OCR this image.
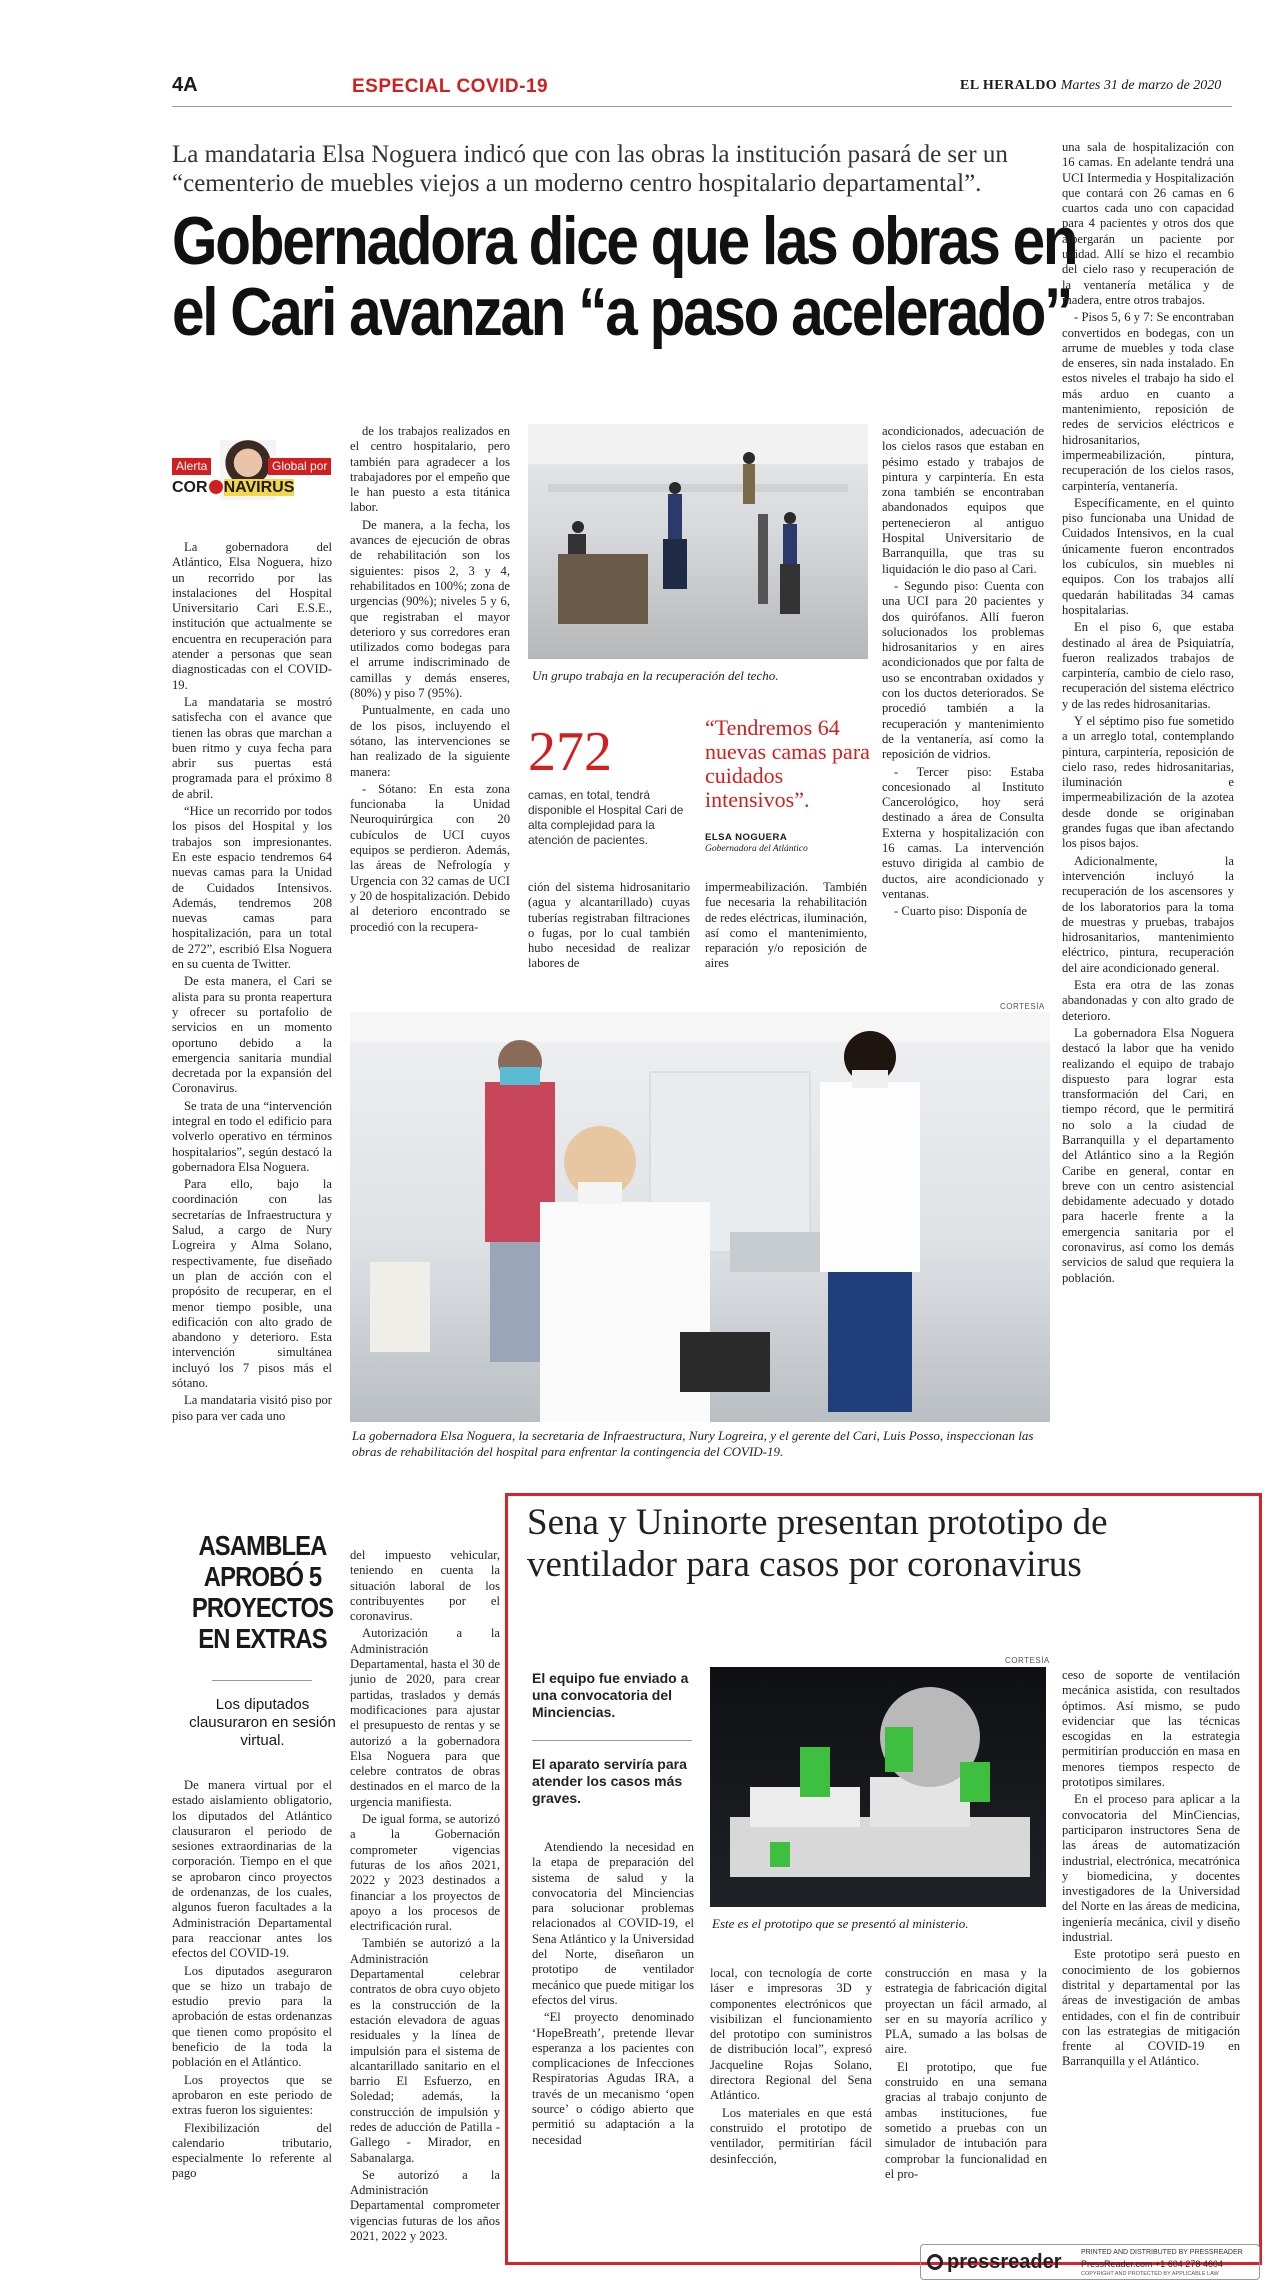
4A	ESPECIAL COVID-19	EL HERALDO Martes 31 de marzo de 2020
La mandataria Elsa Noguera indicó que con las obras la institución pasará de ser un “cementerio de muebles viejos a un moderno centro hospitalario departamental”.
Gobernadora dice que las obras en
el Cari avanzan “a paso acelerado”
Alerta	Global por
COR NAVIRUS

La gobernadora del Atlántico, Elsa Noguera, hizo un recorrido por las instalaciones del Hospital Universitario Cari E.S.E., institución que actualmente se encuentra en recuperación para atender a personas que sean diagnosticadas con el COVID-19.

La mandataria se mostró satisfecha con el avance que tienen las obras que marchan a buen ritmo y cuya fecha para abrir sus puertas está programada para el próximo 8 de abril.

“Hice un recorrido por todos los pisos del Hospital y los trabajos son impresionantes. En este espacio tendremos 64 nuevas camas para la Unidad de Cuidados Intensivos. Además, tendremos 208 nuevas camas para hospitalización, para un total de 272”, escribió Elsa Noguera en su cuenta de Twitter.

De esta manera, el Cari se alista para su pronta reapertura y ofrecer su portafolio de servicios en un momento oportuno debido a la emergencia sanitaria mundial decretada por la expansión del Coronavirus.

Se trata de una “intervención integral en todo el edificio para volverlo operativo en términos hospitalarios”, según destacó la gobernadora Elsa Noguera.

Para ello, bajo la coordinación con las secretarías de Infraestructura y Salud, a cargo de Nury Logreira y Alma Solano, respectivamente, fue diseñado un plan de acción con el propósito de recuperar, en el menor tiempo posible, una edificación con alto grado de abandono y deterioro. Esta intervención simultánea incluyó los 7 pisos más el sótano.

La mandataria visitó piso por piso para ver cada uno

de los trabajos realizados en el centro hospitalario, pero también para agradecer a los trabajadores por el empeño que le han puesto a esta titánica labor.

De manera, a la fecha, los avances de ejecución de obras de rehabilitación son los siguientes: pisos 2, 3 y 4, rehabilitados en 100%; zona de urgencias (90%); niveles 5 y 6, que registraban el mayor deterioro y sus corredores eran utilizados como bodegas para el arrume indiscriminado de camillas y demás enseres, (80%) y piso 7 (95%).

Puntualmente, en cada uno de los pisos, incluyendo el sótano, las intervenciones se han realizado de la siguiente manera:

- Sótano: En esta zona funcionaba la Unidad Neuroquirúrgica con 20 cubículos de UCI cuyos equipos se perdieron. Además, las áreas de Nefrología y Urgencia con 32 camas de UCI y 20 de hospitalización. Debido al deterioro encontrado se procedió con la recupera-

Un grupo trabaja en la recuperación del techo.
272
camas, en total, tendrá disponible el Hospital Cari de alta complejidad para la atención de pacientes.
“Tendremos 64 nuevas camas para cuidados intensivos”.
ELSA NOGUERA
Gobernadora del Atlántico

ción del sistema hidrosanitario (agua y alcantarillado) cuyas tuberías registraban filtraciones o fugas, por lo cual también hubo necesidad de realizar labores de

impermeabilización. También fue necesaria la rehabilitación de redes eléctricas, iluminación, así como el mantenimiento, reparación y/o reposición de aires

acondicionados, adecuación de los cielos rasos que estaban en pésimo estado y trabajos de pintura y carpintería. En esta zona también se encontraban abandonados equipos que pertenecieron al antiguo Hospital Universitario de Barranquilla, que tras su liquidación le dio paso al Cari.

- Segundo piso: Cuenta con una UCI para 20 pacientes y dos quirófanos. Allí fueron solucionados los problemas hidrosanitarios y en aires acondicionados que por falta de uso se encontraban oxidados y con los ductos deteriorados. Se procedió también a la recuperación y mantenimiento de la ventanería, así como la reposición de vidrios.

- Tercer piso: Estaba concesionado al Instituto Cancerológico, hoy será destinado a área de Consulta Externa y hospitalización con 16 camas. La intervención estuvo dirigida al cambio de ductos, aire acondicionado y ventanas.

- Cuarto piso: Disponía de

una sala de hospitalización con 16 camas. En adelante tendrá una UCI Intermedia y Hospitalización que contará con 26 camas en 6 cuartos cada uno con capacidad para 4 pacientes y otros dos que albergarán un paciente por unidad. Allí se hizo el recambio del cielo raso y recuperación de la ventanería metálica y de madera, entre otros trabajos.

- Pisos 5, 6 y 7: Se encontraban convertidos en bodegas, con un arrume de muebles y toda clase de enseres, sin nada instalado. En estos niveles el trabajo ha sido el más arduo en cuanto a mantenimiento, reposición de redes de servicios eléctricos e hidrosanitarios, impermeabilización, pintura, recuperación de los cielos rasos, carpintería, ventanería.

Específicamente, en el quinto piso funcionaba una Unidad de Cuidados Intensivos, en la cual únicamente fueron encontrados los cubículos, sin muebles ni equipos. Con los trabajos allí quedarán habilitadas 34 camas hospitalarias.

En el piso 6, que estaba destinado al área de Psiquiatría, fueron realizados trabajos de carpintería, cambio de cielo raso, recuperación del sistema eléctrico y de las redes hidrosanitarias.

Y el séptimo piso fue sometido a un arreglo total, contemplando pintura, carpintería, reposición de cielo raso, redes hidrosanitarias, iluminación e impermeabilización de la azotea desde donde se originaban grandes fugas que iban afectando los pisos bajos.

Adicionalmente, la intervención incluyó la recuperación de los ascensores y de los laboratorios para la toma de muestras y pruebas, trabajos hidrosanitarios, mantenimiento eléctrico, pintura, recuperación del aire acondicionado general.

Esta era otra de las zonas abandonadas y con alto grado de deterioro.

La gobernadora Elsa Noguera destacó la labor que ha venido realizando el equipo de trabajo dispuesto para lograr esta transformación del Cari, en tiempo récord, que le permitirá no solo a la ciudad de Barranquilla y el departamento del Atlántico sino a la Región Caribe en general, contar en breve con un centro asistencial debidamente adecuado y dotado para hacerle frente a la emergencia sanitaria por el coronavirus, así como los demás servicios de salud que requiera la población.

CORTESÍA
La gobernadora Elsa Noguera, la secretaria de Infraestructura, Nury Logreira, y el gerente del Cari, Luis Posso, inspeccionan las obras de rehabilitación del hospital para enfrentar la contingencia del COVID-19.
ASAMBLEA APROBÓ 5 PROYECTOS EN EXTRAS
Los diputados clausuraron en sesión virtual.

De manera virtual por el estado aislamiento obligatorio, los diputados del Atlántico clausuraron el periodo de sesiones extraordinarias de la corporación. Tiempo en el que se aprobaron cinco proyectos de ordenanzas, de los cuales, algunos fueron facultades a la Administración Departamental para reaccionar antes los efectos del COVID-19.

Los diputados aseguraron que se hizo un trabajo de estudio previo para la aprobación de estas ordenanzas que tienen como propósito el beneficio de la toda la población en el Atlántico.

Los proyectos que se aprobaron en este periodo de extras fueron los siguientes:

Flexibilización del calendario tributario, especialmente lo referente al pago

del impuesto vehicular, teniendo en cuenta la situación laboral de los contribuyentes por el coronavirus.

Autorización a la Administración Departamental, hasta el 30 de junio de 2020, para crear partidas, traslados y demás modificaciones para ajustar el presupuesto de rentas y se autorizó a la gobernadora Elsa Noguera para que celebre contratos de obras destinados en el marco de la urgencia manifiesta.

De igual forma, se autorizó a la Gobernación comprometer vigencias futuras de los años 2021, 2022 y 2023 destinados a financiar a los proyectos de apoyo a los procesos de electrificación rural.

También se autorizó a la Administración Departamental celebrar contratos de obra cuyo objeto es la construcción de la estación elevadora de aguas residuales y la línea de impulsión para el sistema de alcantarillado sanitario en el barrio El Esfuerzo, en Soledad; además, la construcción de impulsión y redes de aducción de Patilla - Gallego - Mirador, en Sabanalarga.

Se autorizó a la Administración Departamental comprometer vigencias futuras de los años 2021, 2022 y 2023.

Sena y Uninorte presentan prototipo de ventilador para casos por coronavirus
El equipo fue enviado a una convocatoria del Minciencias.
El aparato serviría para atender los casos más graves.

Atendiendo la necesidad en la etapa de preparación del sistema de salud y la convocatoria del Minciencias para solucionar problemas relacionados al COVID-19, el Sena Atlántico y la Universidad del Norte, diseñaron un prototipo de ventilador mecánico que puede mitigar los efectos del virus.

“El proyecto denominado ‘HopeBreath’, pretende llevar esperanza a los pacientes con complicaciones de Infecciones Respiratorias Agudas IRA, a través de un mecanismo ‘open source’ o código abierto que permitió su adaptación a la necesidad

CORTESÍA
Este es el prototipo que se presentó al ministerio.

local, con tecnología de corte láser e impresoras 3D y componentes electrónicos que visibilizan el funcionamiento del prototipo con suministros de distribución local”, expresó Jacqueline Rojas Solano, directora Regional del Sena Atlántico.

Los materiales en que está construido el prototipo de ventilador, permitirían fácil desinfección,

construcción en masa y la estrategia de fabricación digital proyectan un fácil armado, al ser en su mayoría acrílico y PLA, sumado a las bolsas de aire.

El prototipo, que fue construido en una semana gracias al trabajo conjunto de ambas instituciones, fue sometido a pruebas con un simulador de intubación para comprobar la funcionalidad en el pro-

ceso de soporte de ventilación mecánica asistida, con resultados óptimos. Así mismo, se pudo evidenciar que las técnicas escogidas en la estrategia permitirían producción en masa en menores tiempos respecto de prototipos similares.

En el proceso para aplicar a la convocatoria del MinCiencias, participaron instructores Sena de las áreas de automatización industrial, electrónica, mecatrónica y biomedicina, y docentes investigadores de la Universidad del Norte en las áreas de medicina, ingeniería mecánica, civil y diseño industrial.

Este prototipo será puesto en conocimiento de los gobiernos distrital y departamental por las áreas de investigación de ambas entidades, con el fin de contribuir con las estrategias de mitigación frente al COVID-19 en Barranquilla y el Atlántico.

pressreader	PRINTED AND DISTRIBUTED BY PRESSREADER
PressReader.com +1 604 278 4604
COPYRIGHT AND PROTECTED BY APPLICABLE LAW
